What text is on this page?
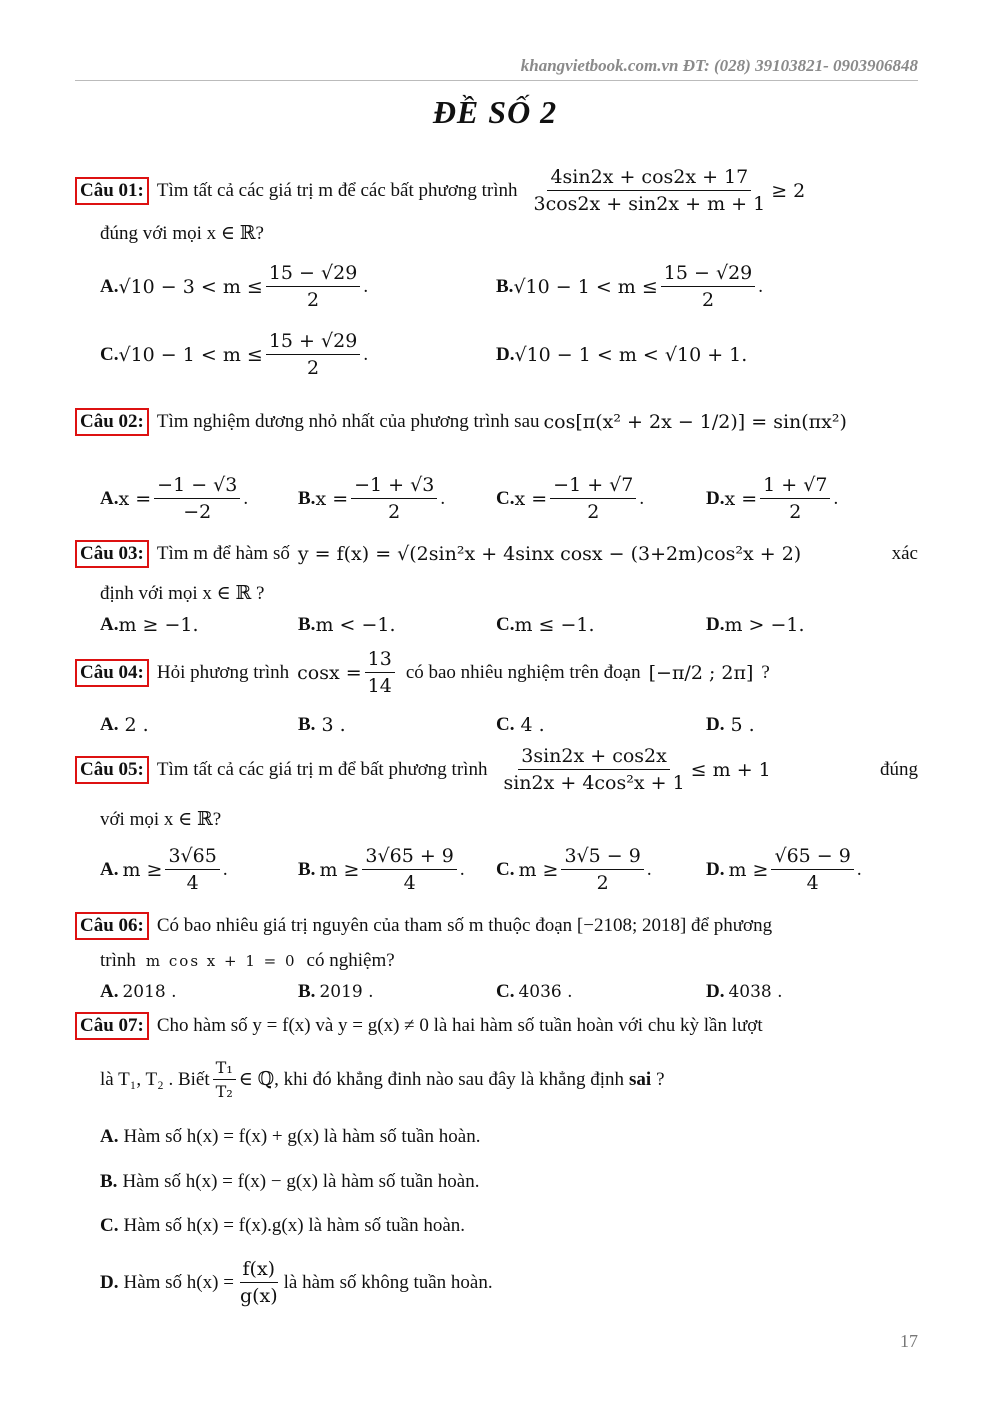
khangvietbook.com.vn ĐT: (028) 39103821- 0903906848
ĐỀ SỐ 2
Câu 01: Tìm tất cả các giá trị m để các bất phương trình $\frac{4\sin 2x + \cos 2x + 17}{3\cos 2x + \sin 2x + m + 1} \ge 2$
đúng với mọi x ∈ ℝ?
A. $√10 - 3 < m \le \frac{15 - √29}{2}$ .	B. $√10 - 1 < m \le \frac{15 - √29}{2}$ .
C. $√10 - 1 < m \le \frac{15 + √29}{2}$ .	D. √10 − 1 < m < √10 + 1.
Câu 02: Tìm nghiệm dương nhỏ nhất của phương trình sau cos[π(x² + 2x − 1/2)] = sin(πx²)
A. $x = \frac{-1 - √3}{-2}$ .	B. $x = \frac{-1 + √3}{2}$ .	C. $x = \frac{-1 + √7}{2}$ .	D. $x = \frac{1 + √7}{2}$ .
Câu 03: Tìm m để hàm số y = f(x) = √(2sin²x + 4sinx cosx − (3+2m)cos²x + 2)	xác
định với mọi x ∈ ℝ ?
A. m ≥ −1.	B. m < −1.	C. m ≤ −1.	D. m > −1.
Câu 04: Hỏi phương trình $\cos x = \frac{13}{14}$ có bao nhiêu nghiệm trên đoạn [−π/2 ; 2π] ?
A. 2 .	B. 3 .	C. 4 .	D. 5 .
Câu 05: Tìm tất cả các giá trị m để bất phương trình $\frac{3\sin 2x + \cos 2x}{\text{sin2x + 4cos²x + 1}} \le m + 1$	đúng
với mọi x ∈ ℝ?
A. $m \ge \frac{3√65}{4}$ .	B. $m \ge \frac{3√65 + 9}{4}$ . C. $m \ge \frac{3√5 - 9}{2}$ .	D. $m \ge \frac{√65 - 9}{4}$ .
Câu 06: Có bao nhiêu giá trị nguyên của tham số m thuộc đoạn [−2108; 2018] để phương
trình m cos x + 1 = 0 có nghiệm?
A. 2018 .	B. 2019 .	C. 4036 .	D. 4038 .
Câu 07: Cho hàm số y = f(x) và y = g(x) ≠ 0 là hai hàm số tuần hoàn với chu kỳ lần lượt
là T₁, T₂ . Biết $\frac{\text{T₁}}{\text{T₂}}$ ∈ ℚ, khi đó khẳng đinh nào sau đây là khẳng định sai ?
A. Hàm số h(x) = f(x) + g(x) là hàm số tuần hoàn.
B. Hàm số h(x) = f(x) − g(x) là hàm số tuần hoàn.
C. Hàm số h(x) = f(x).g(x) là hàm số tuần hoàn.
D. Hàm số $h(x) = \frac{f(x)}{g(x)}$ là hàm số không tuần hoàn.
17
